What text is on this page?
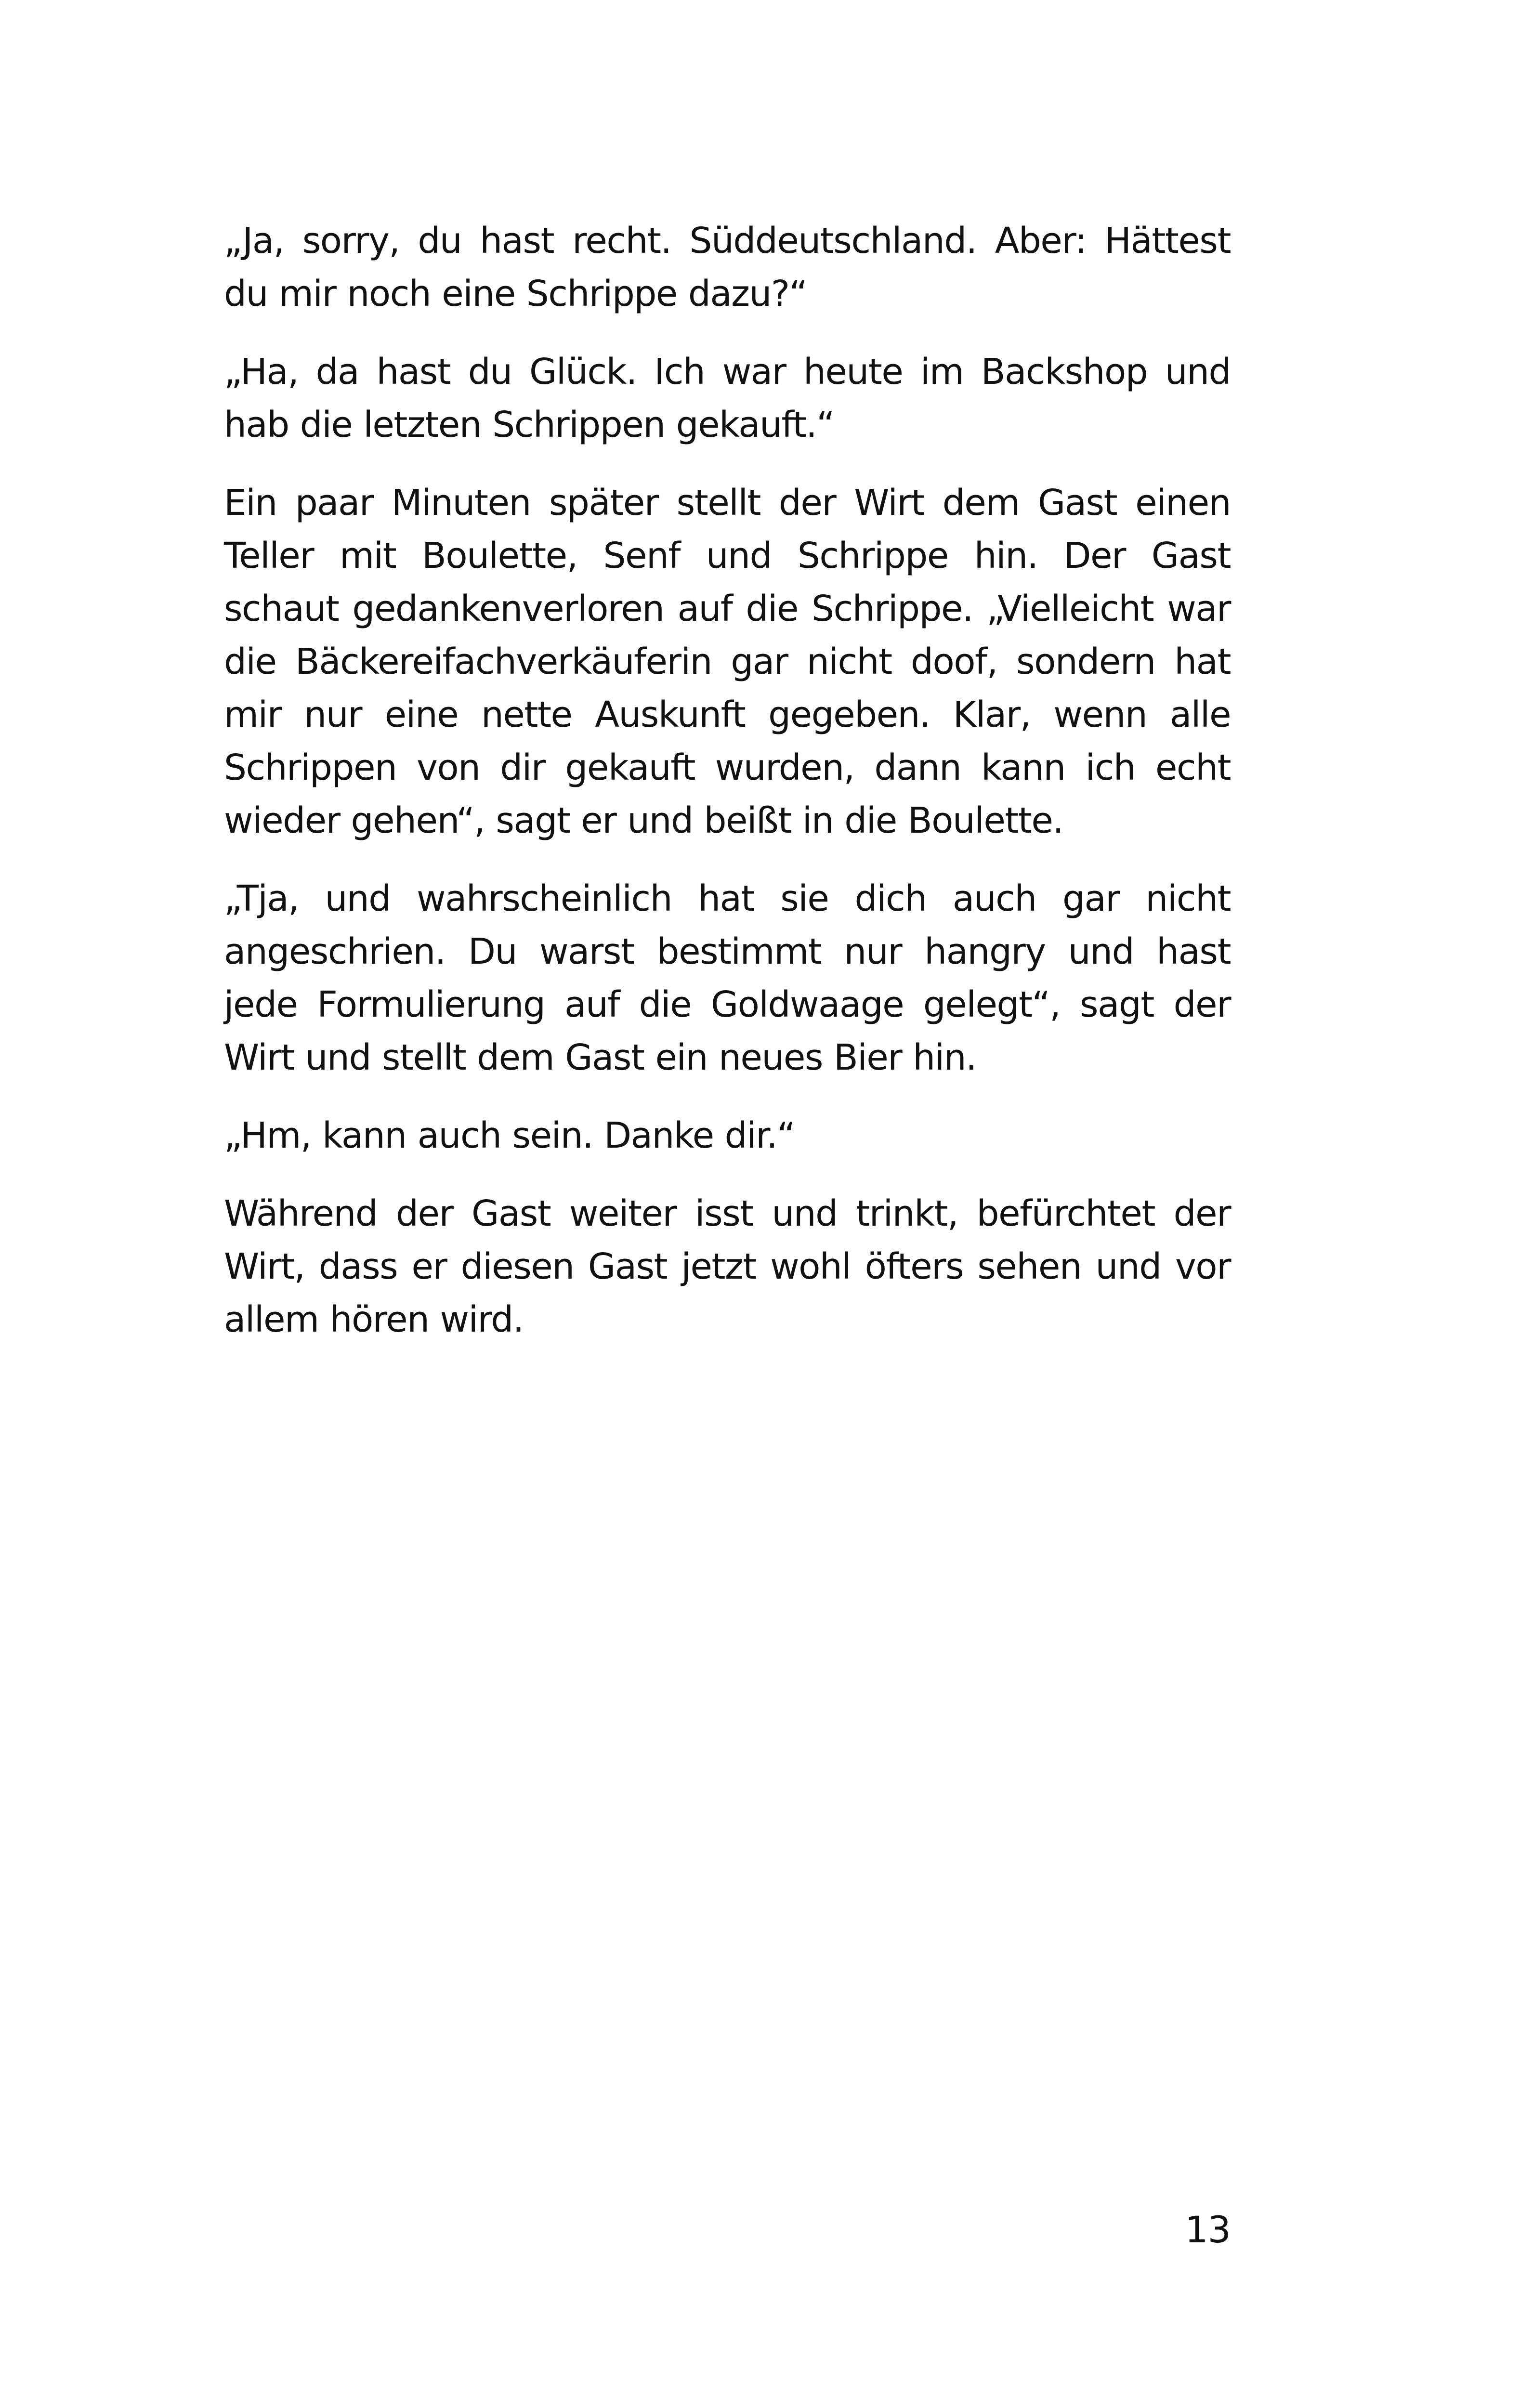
„Ja, sorry, du hast recht. Süddeutschland. Aber: Hättest du mir noch eine Schrippe dazu?“

„Ha, da hast du Glück. Ich war heute im Backshop und hab die letzten Schrippen gekauft.“

Ein paar Minuten später stellt der Wirt dem Gast einen Teller mit Boulette, Senf und Schrippe hin. Der Gast schaut gedankenverloren auf die Schrippe. „Vielleicht war die Bäckereifachverkäuferin gar nicht doof, sondern hat mir nur eine nette Auskunft gegeben. Klar, wenn alle Schrippen von dir gekauft wurden, dann kann ich echt wieder gehen“, sagt er und beißt in die Boulette.

„Tja, und wahrscheinlich hat sie dich auch gar nicht angeschrien. Du warst bestimmt nur hangry und hast jede Formulierung auf die Goldwaage gelegt“, sagt der Wirt und stellt dem Gast ein neues Bier hin.

„Hm, kann auch sein. Danke dir.“

Während der Gast weiter isst und trinkt, befürchtet der Wirt, dass er diesen Gast jetzt wohl öfters sehen und vor allem hören wird.

13
